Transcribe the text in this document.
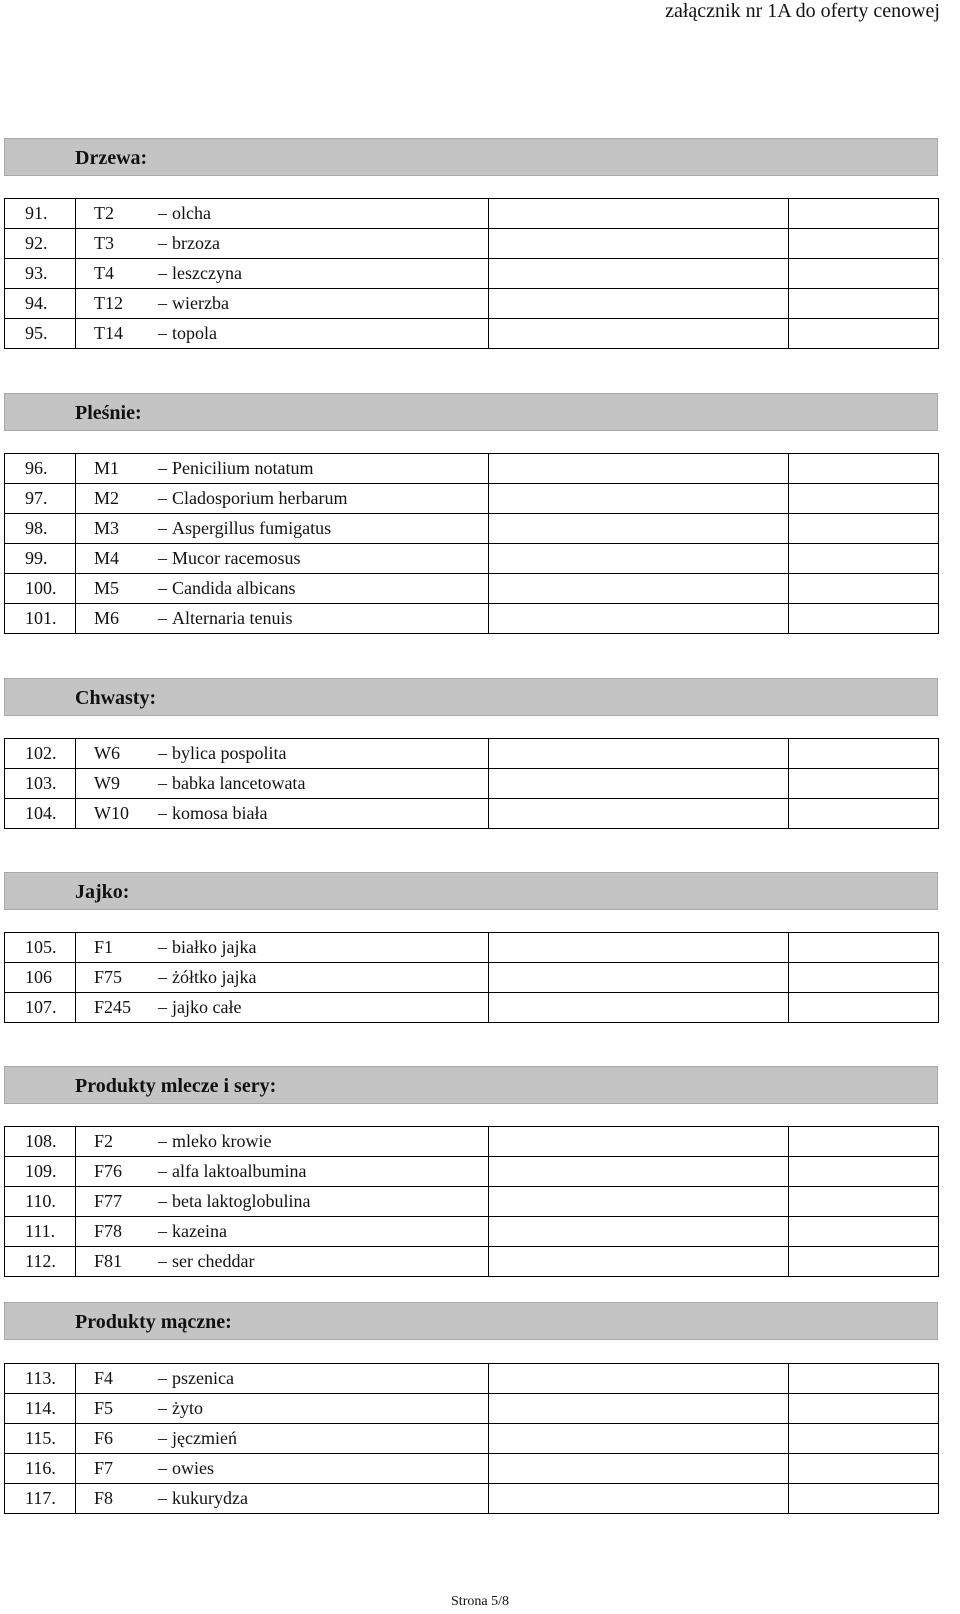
załącznik nr 1A do oferty cenowej
Drzewa:
91.	T2 – olcha		
92.	T3 – brzoza		
93.	T4 – leszczyna		
94.	T12 – wierzba		
95.	T14 – topola		
Pleśnie:
96.	M1 – Penicilium notatum		
97.	M2 – Cladosporium herbarum		
98.	M3 – Aspergillus fumigatus		
99.	M4 – Mucor racemosus		
100.	M5 – Candida albicans		
101.	M6 – Alternaria tenuis		
Chwasty:
102.	W6 – bylica pospolita		
103.	W9 – babka lancetowata		
104.	W10 – komosa biała		
Jajko:
105.	F1 – białko jajka		
106	F75 – żółtko jajka		
107.	F245 – jajko całe		
Produkty mlecze i sery:
108.	F2 – mleko krowie		
109.	F76 – alfa laktoalbumina		
110.	F77 – beta laktoglobulina		
111.	F78 – kazeina		
112.	F81 – ser cheddar		
Produkty mączne:
113.	F4 – pszenica		
114.	F5 – żyto		
115.	F6 – jęczmień		
116.	F7 – owies		
117.	F8 – kukurydza		
Strona 5/8
